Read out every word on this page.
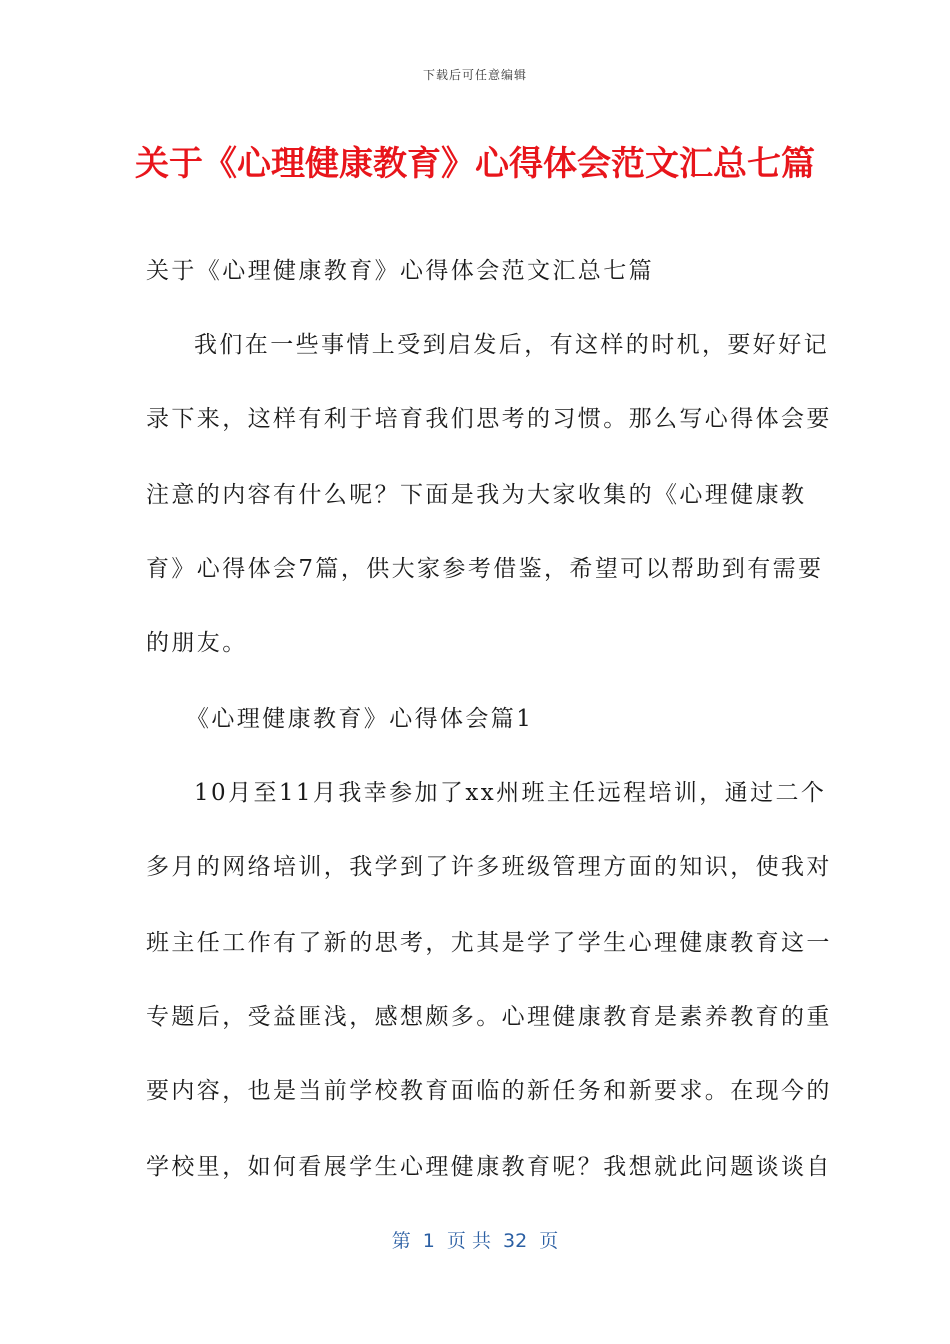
下载后可任意编辑
关于《心理健康教育》心得体会范文汇总七篇
关于《心理健康教育》心得体会范文汇总七篇
我们在一些事情上受到启发后，有这样的时机，要好好记
录下来，这样有利于培育我们思考的习惯。那么写心得体会要
注意的内容有什么呢？下面是我为大家收集的《心理健康教
育》心得体会7篇，供大家参考借鉴，希望可以帮助到有需要
的朋友。
《心理健康教育》心得体会篇1
10月至11月我幸参加了xx州班主任远程培训，通过二个
多月的网络培训，我学到了许多班级管理方面的知识，使我对
班主任工作有了新的思考，尤其是学了学生心理健康教育这一
专题后，受益匪浅，感想颇多。心理健康教育是素养教育的重
要内容，也是当前学校教育面临的新任务和新要求。在现今的
学校里，如何看展学生心理健康教育呢？我想就此问题谈谈自
第  1  页 共  32  页
